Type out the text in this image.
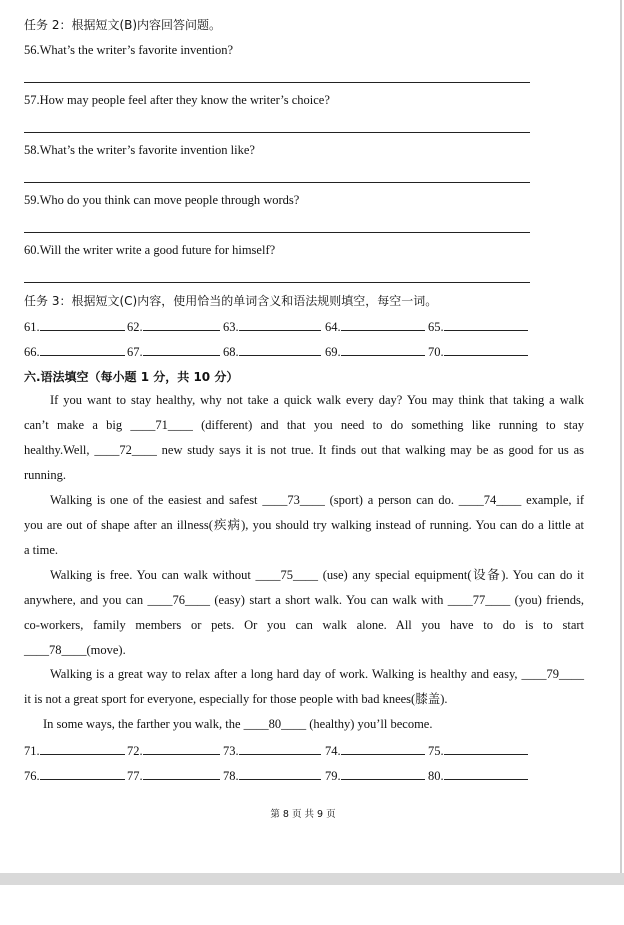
任务 2：根据短文(B)内容回答问题。
56.What’s the writer’s favorite invention?
57.How may people feel after they know the writer’s choice?
58.What’s the writer’s favorite invention like?
59.Who do you think can move people through words?
60.Will the writer write a good future for himself?
任务 3：根据短文(C)内容，使用恰当的单词含义和语法规则填空，每空一词。
61.	62.	63.	64.	65.
66.	67.	68.	69.	70.
六.语法填空（每小题 1 分，共 10 分）
If you want to stay healthy, why not take a quick walk every day? You may think that taking a walk
can’t make a big ____71____ (different) and that you need to do something like running to stay
healthy.Well, ____72____ new study says it is not true. It finds out that walking may be as good for us as
running.
Walking is one of the easiest and safest ____73____ (sport) a person can do. ____74____ example, if
you are out of shape after an illness(疾病), you should try walking instead of running. You can do a little at
a time.
Walking is free. You can walk without ____75____ (use) any special equipment(设备). You can do it
anywhere, and you can ____76____ (easy) start a short walk. You can walk with ____77____ (you) friends,
co-workers, family members or pets. Or you can walk alone. All you have to do is to start
____78____(move).
Walking is a great way to relax after a long hard day of work. Walking is healthy and easy, ____79____
it is not a great sport for everyone, especially for those people with bad knees(膝盖).
In some ways, the farther you walk, the ____80____ (healthy) you’ll become.
71.	72.	73.	74.	75.
76.	77.	78.	79.	80.
第 8 页 共 9 页
